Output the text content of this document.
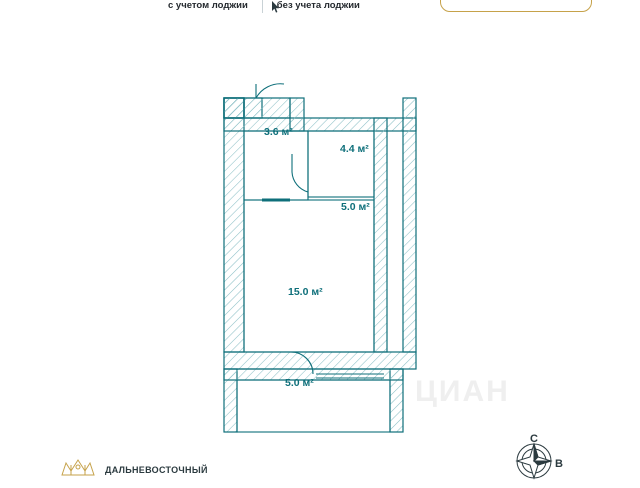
с учетом лоджии	без учета лоджии
3.6 м²
4.4 м²
5.0 м²
15.0 м²
5.0 м²	ЦИАН
ДАЛЬНЕВОСТОЧНЫЙ
С
В
